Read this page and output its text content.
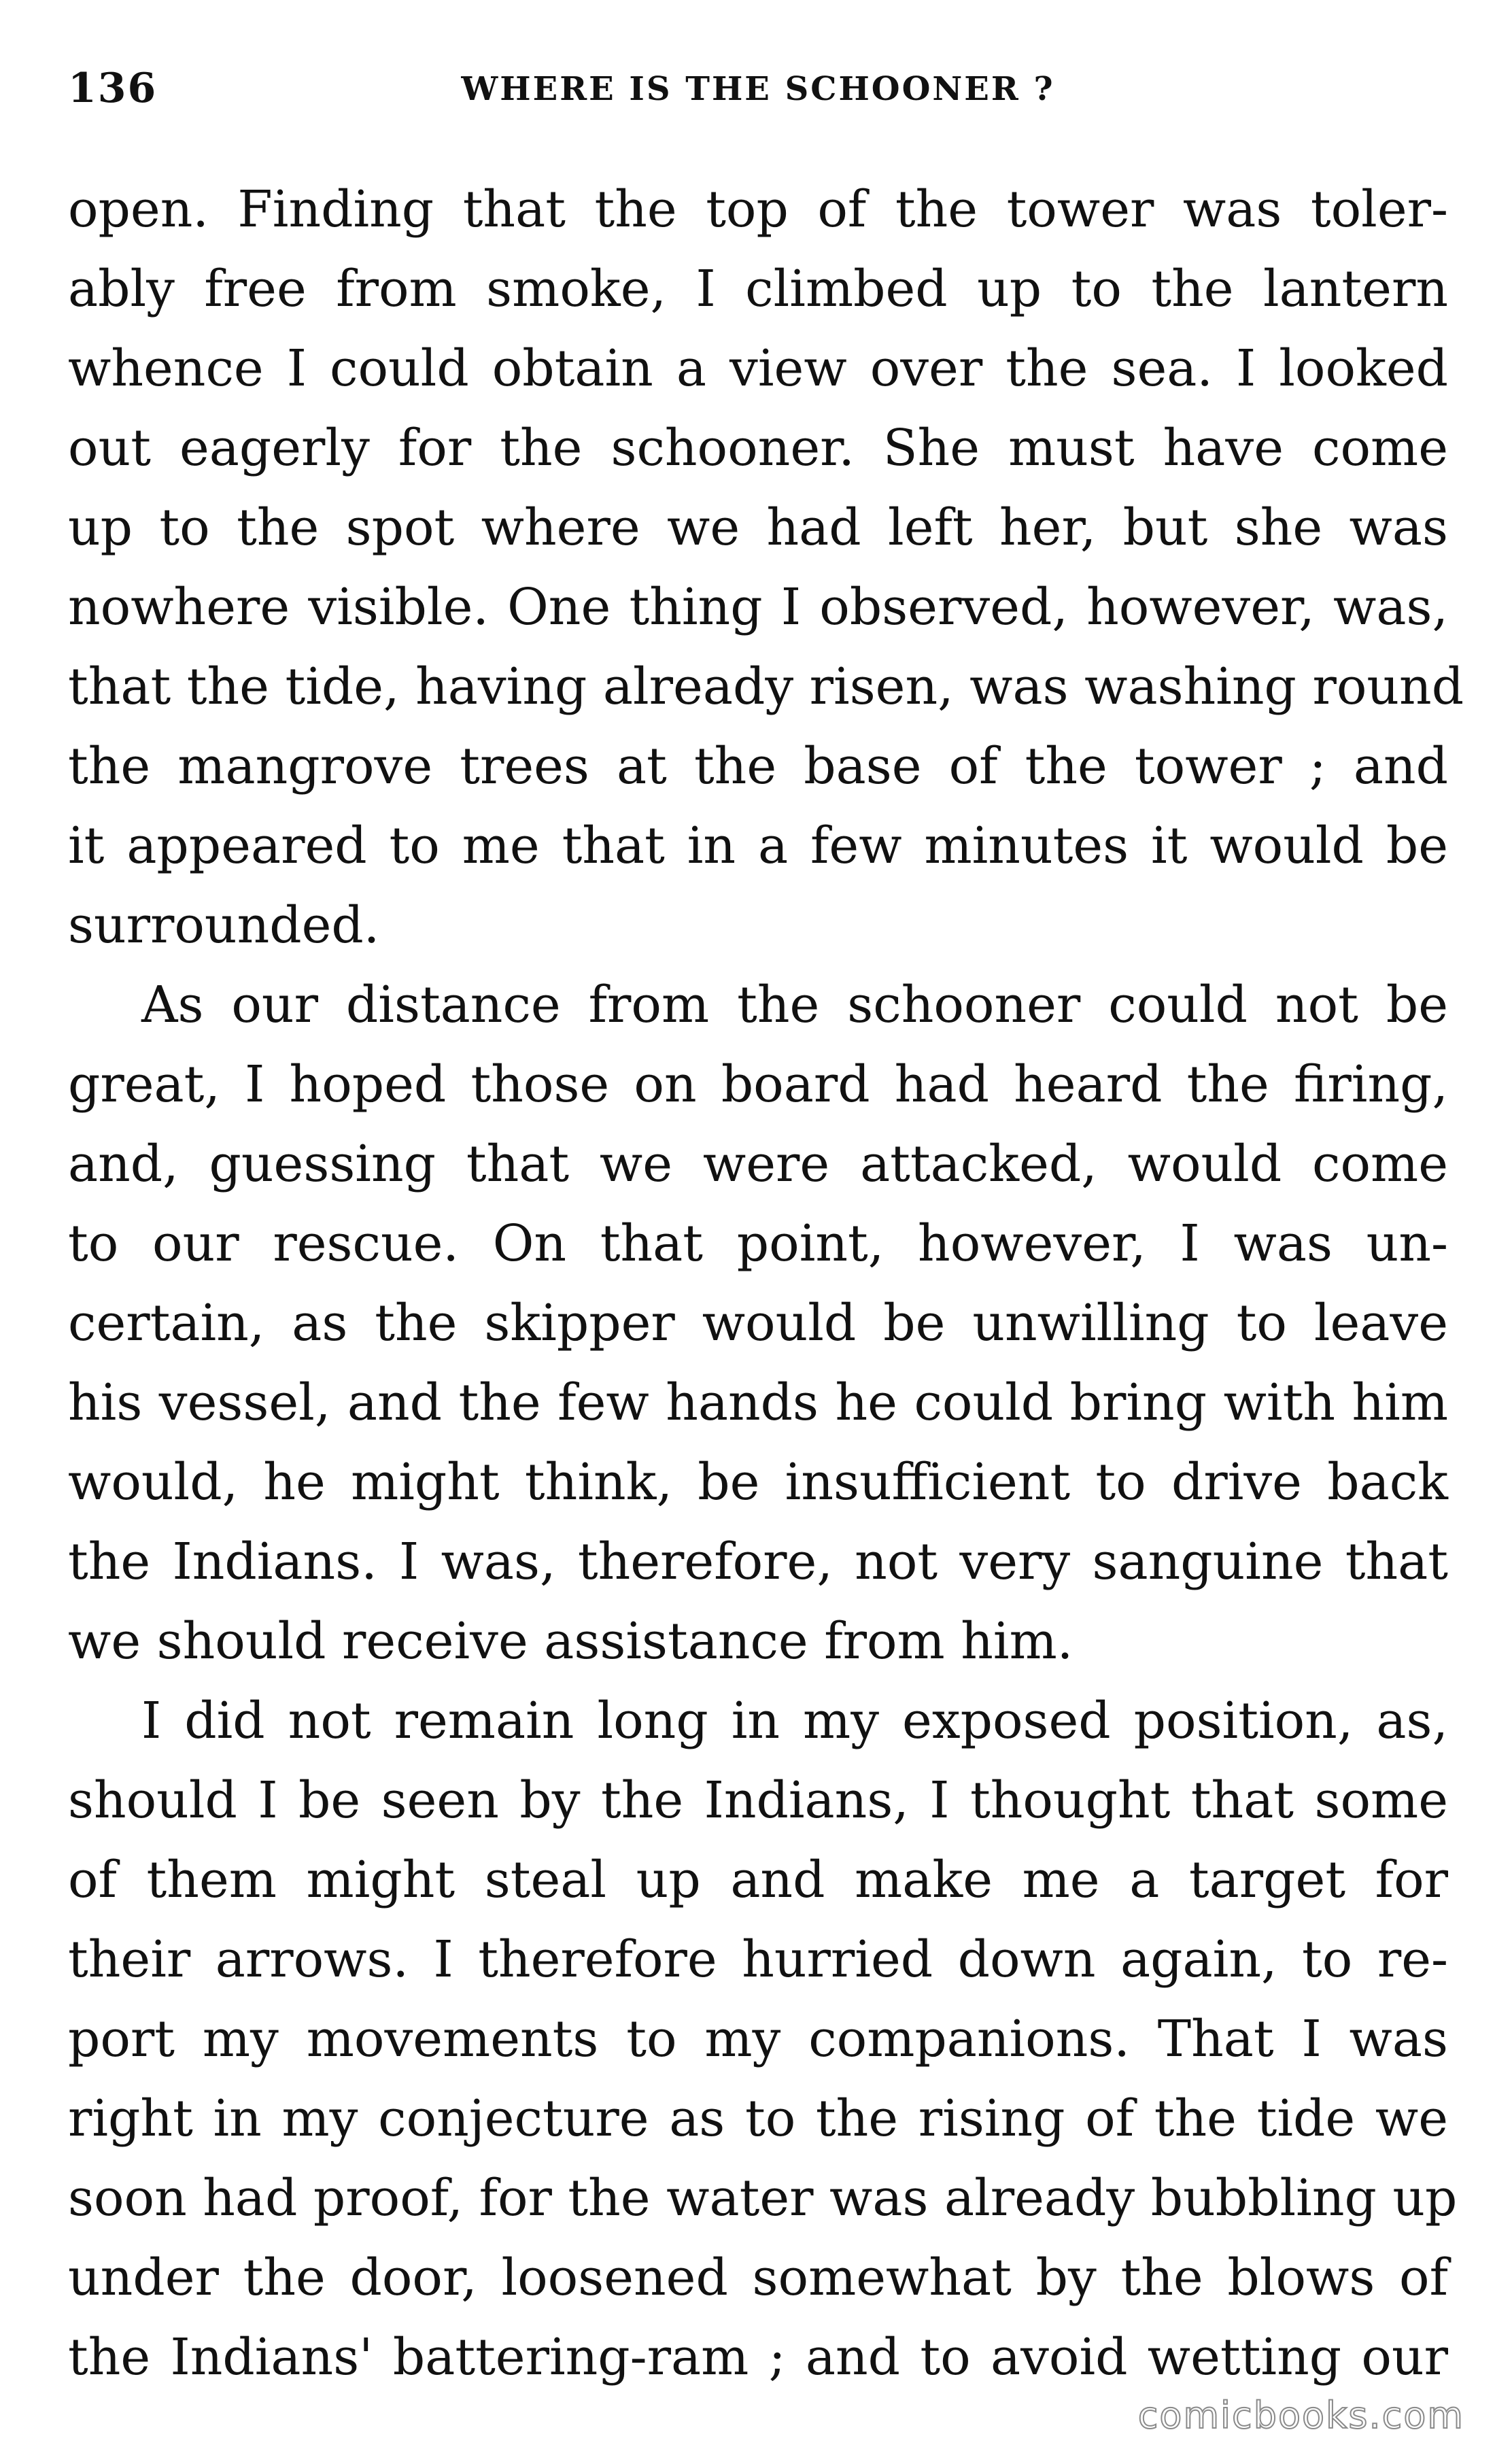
136	WHERE IS THE SCHOONER ?
open. Finding that the top of the tower was toler-
ably free from smoke, I climbed up to the lantern
whence I could obtain a view over the sea. I looked
out eagerly for the schooner. She must have come
up to the spot where we had left her, but she was
nowhere visible. One thing I observed, however, was,
that the tide, having already risen, was washing round
the mangrove trees at the base of the tower ; and
it appeared to me that in a few minutes it would be
surrounded.
As our distance from the schooner could not be
great, I hoped those on board had heard the firing,
and, guessing that we were attacked, would come
to our rescue. On that point, however, I was un-
certain, as the skipper would be unwilling to leave
his vessel, and the few hands he could bring with him
would, he might think, be insufficient to drive back
the Indians. I was, therefore, not very sanguine that
we should receive assistance from him.
I did not remain long in my exposed position, as,
should I be seen by the Indians, I thought that some
of them might steal up and make me a target for
their arrows. I therefore hurried down again, to re-
port my movements to my companions. That I was
right in my conjecture as to the rising of the tide we
soon had proof, for the water was already bubbling up
under the door, loosened somewhat by the blows of
the Indians' battering-ram ; and to avoid wetting our
comicbooks.com
